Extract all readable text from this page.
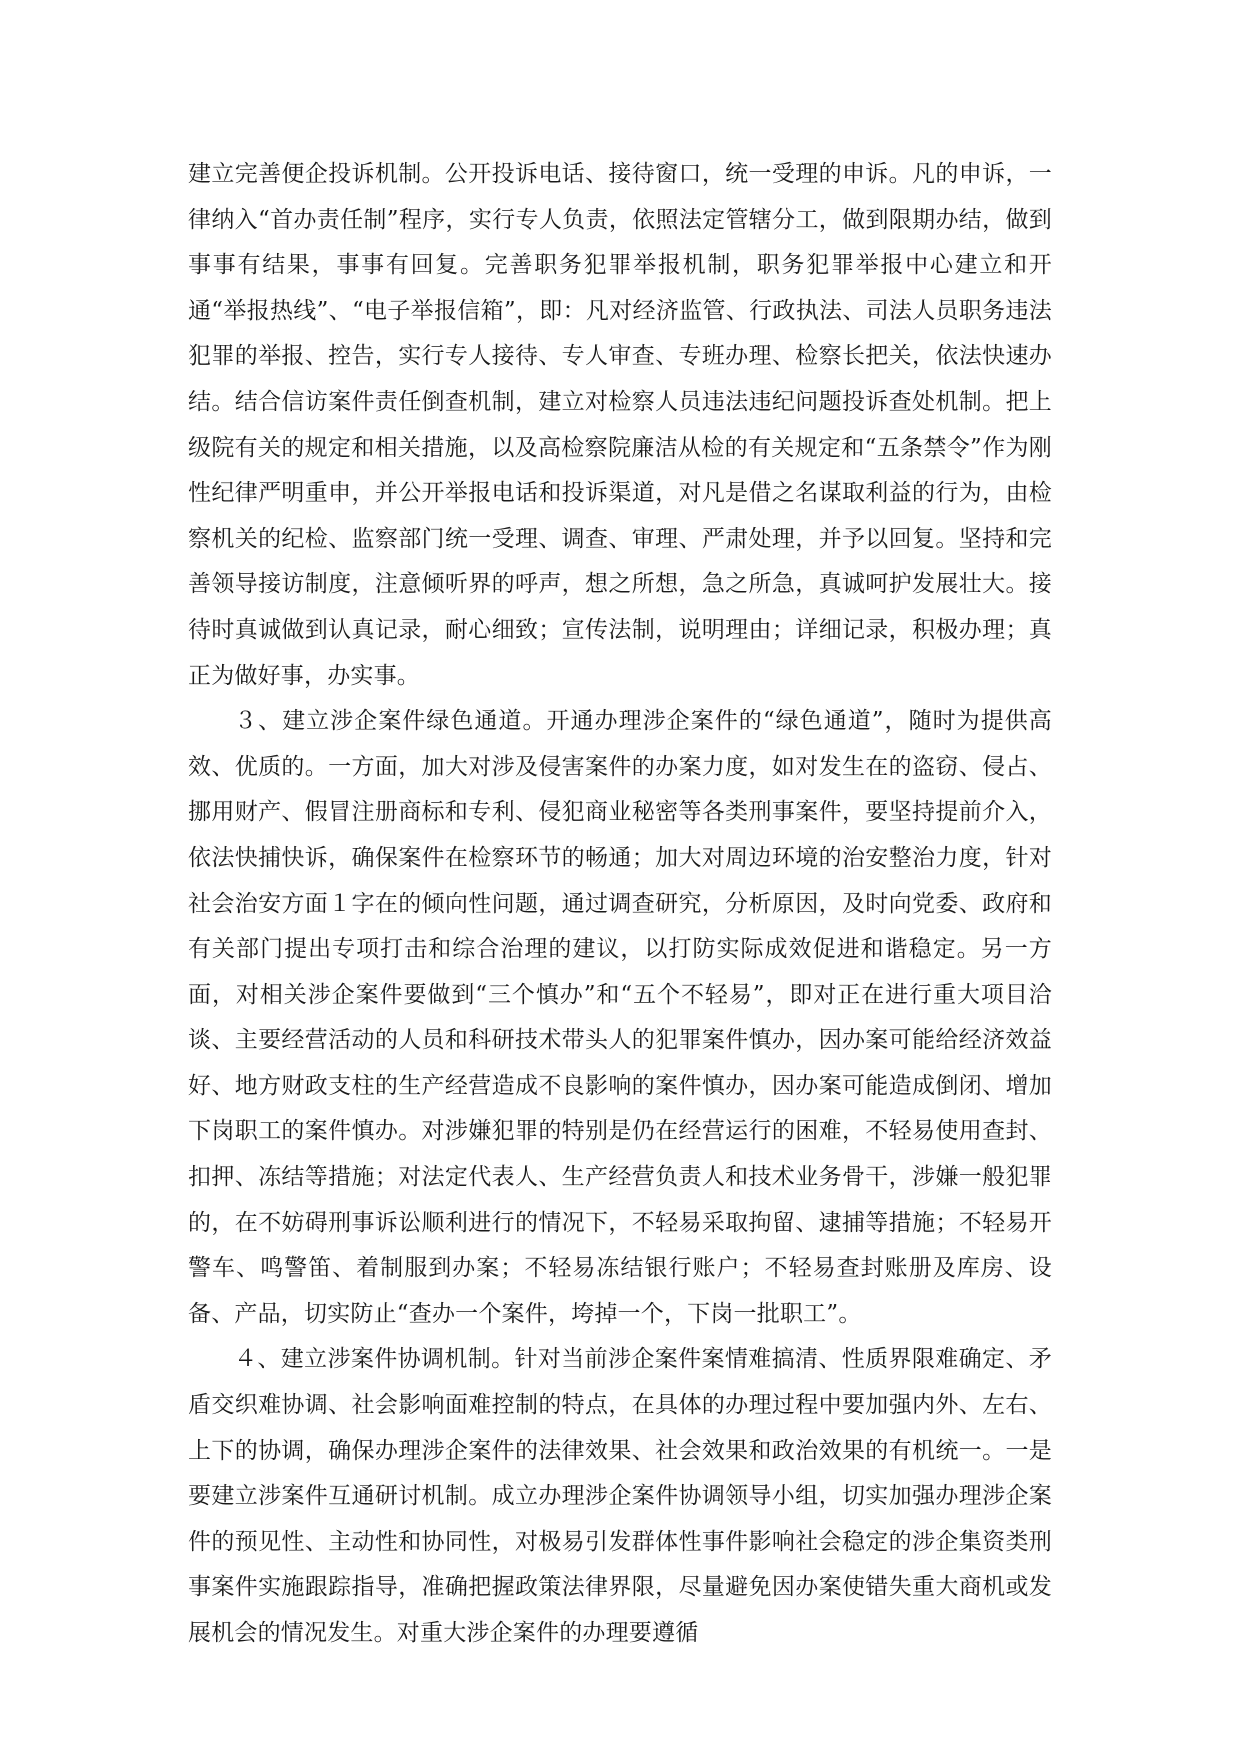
建立完善便企投诉机制。公开投诉电话、接待窗口，统一受理的申诉。凡的申诉，一律纳入“首办责任制”程序，实行专人负责，依照法定管辖分工，做到限期办结，做到事事有结果，事事有回复。完善职务犯罪举报机制，职务犯罪举报中心建立和开通“举报热线”、“电子举报信箱”，即：凡对经济监管、行政执法、司法人员职务违法犯罪的举报、控告，实行专人接待、专人审查、专班办理、检察长把关，依法快速办结。结合信访案件责任倒查机制，建立对检察人员违法违纪问题投诉查处机制。把上级院有关的规定和相关措施，以及高检察院廉洁从检的有关规定和“五条禁令”作为刚性纪律严明重申，并公开举报电话和投诉渠道，对凡是借之名谋取利益的行为，由检察机关的纪检、监察部门统一受理、调查、审理、严肃处理，并予以回复。坚持和完善领导接访制度，注意倾听界的呼声，想之所想，急之所急，真诚呵护发展壮大。接待时真诚做到认真记录，耐心细致；宣传法制，说明理由；详细记录，积极办理；真正为做好事，办实事。

３、建立涉企案件绿色通道。开通办理涉企案件的“绿色通道”，随时为提供高效、优质的。一方面，加大对涉及侵害案件的办案力度，如对发生在的盗窃、侵占、挪用财产、假冒注册商标和专利、侵犯商业秘密等各类刑事案件，要坚持提前介入，依法快捕快诉，确保案件在检察环节的畅通；加大对周边环境的治安整治力度，针对社会治安方面１字在的倾向性问题，通过调查研究，分析原因，及时向党委、政府和有关部门提出专项打击和综合治理的建议，以打防实际成效促进和谐稳定。另一方面，对相关涉企案件要做到“三个慎办”和“五个不轻易”，即对正在进行重大项目洽谈、主要经营活动的人员和科研技术带头人的犯罪案件慎办，因办案可能给经济效益好、地方财政支柱的生产经营造成不良影响的案件慎办，因办案可能造成倒闭、增加下岗职工的案件慎办。对涉嫌犯罪的特别是仍在经营运行的困难，不轻易使用查封、扣押、冻结等措施；对法定代表人、生产经营负责人和技术业务骨干，涉嫌一般犯罪的，在不妨碍刑事诉讼顺利进行的情况下，不轻易采取拘留、逮捕等措施；不轻易开警车、鸣警笛、着制服到办案；不轻易冻结银行账户；不轻易查封账册及库房、设备、产品，切实防止“查办一个案件，垮掉一个，下岗一批职工”。

４、建立涉案件协调机制。针对当前涉企案件案情难搞清、性质界限难确定、矛盾交织难协调、社会影响面难控制的特点，在具体的办理过程中要加强内外、左右、上下的协调，确保办理涉企案件的法律效果、社会效果和政治效果的有机统一。一是要建立涉案件互通研讨机制。成立办理涉企案件协调领导小组，切实加强办理涉企案件的预见性、主动性和协同性，对极易引发群体性事件影响社会稳定的涉企集资类刑事案件实施跟踪指导，准确把握政策法律界限，尽量避免因办案使错失重大商机或发展机会的情况发生。对重大涉企案件的办理要遵循
